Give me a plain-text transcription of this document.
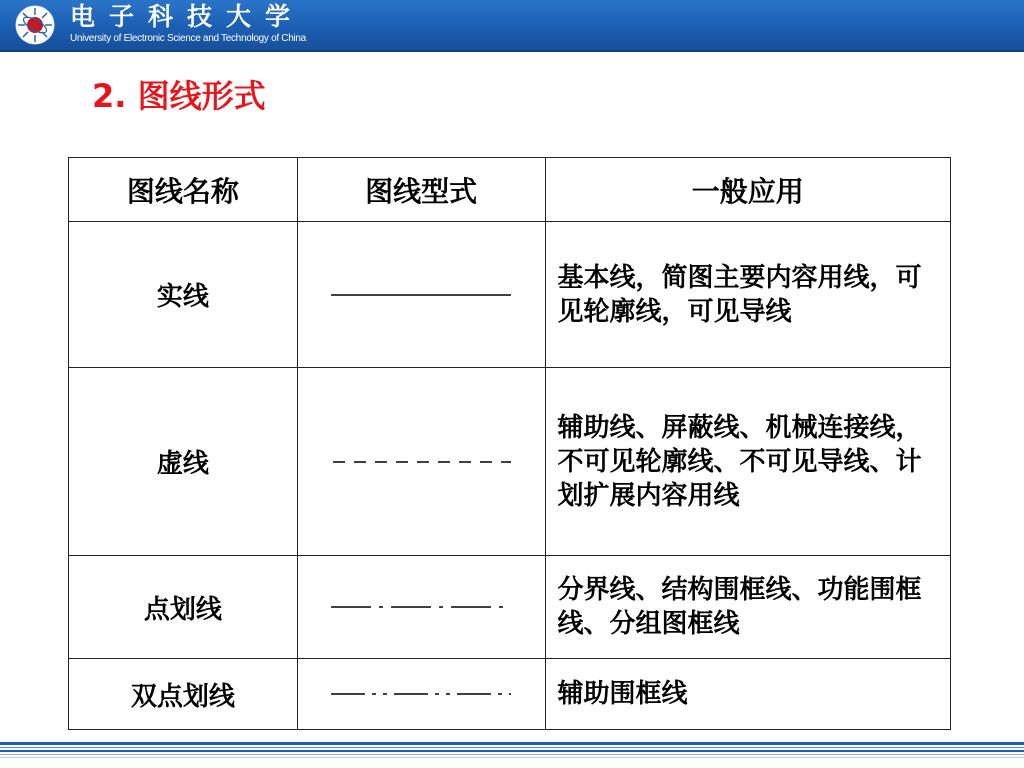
电子科技大学
University of Electronic Science and Technology of China
2. 图线形式
图线名称	图线型式	一般应用
实线		基本线，简图主要内容用线，可见轮廓线，可见导线
虚线		辅助线、屏蔽线、机械连接线，不可见轮廓线、不可见导线、计划扩展内容用线
点划线		分界线、结构围框线、功能围框线、分组图框线
双点划线		辅助围框线
